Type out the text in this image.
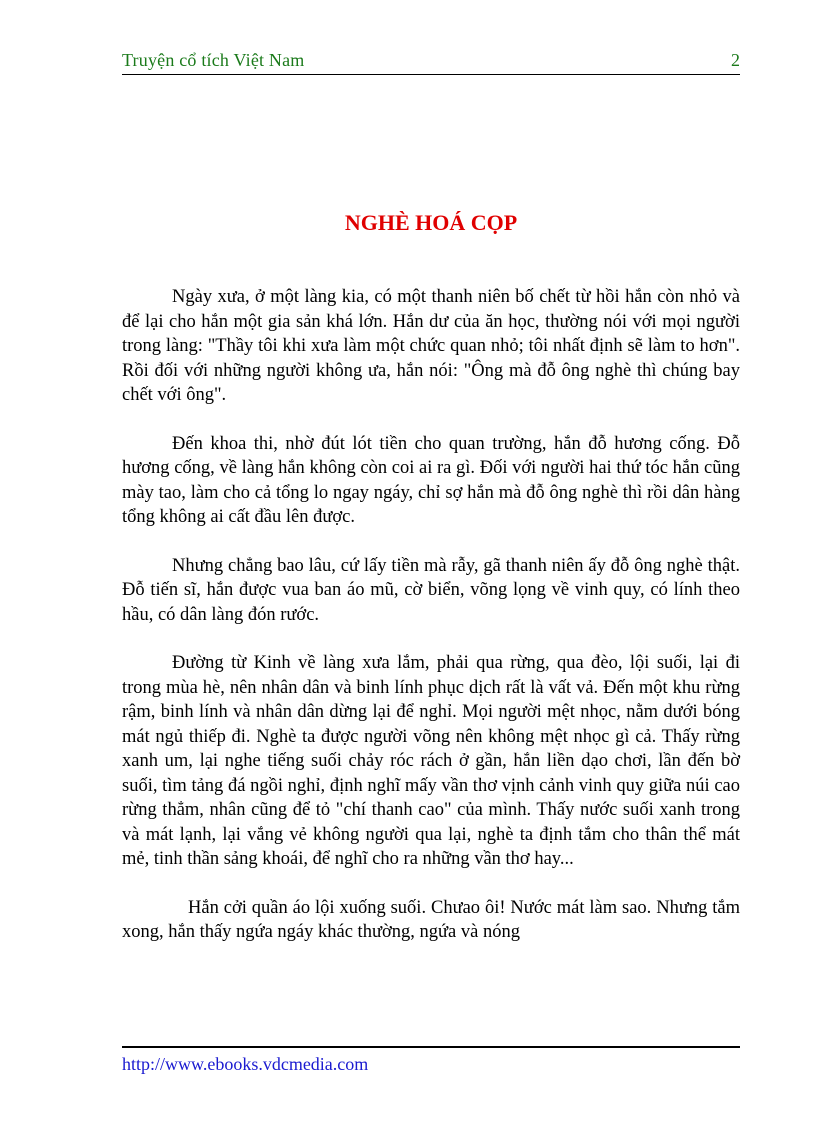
Truyện cổ tích Việt Nam	2
NGHÈ HOÁ CỌP

Ngày xưa, ở một làng kia, có một thanh niên bố chết từ hồi hắn còn nhỏ và để lại cho hắn một gia sản khá lớn. Hắn dư của ăn học, thường nói với mọi người trong làng: "Thầy tôi khi xưa làm một chức quan nhỏ; tôi nhất định sẽ làm to hơn". Rồi đối với những người không ưa, hắn nói: "Ông mà đỗ ông nghè thì chúng bay chết với ông".

Đến khoa thi, nhờ đút lót tiền cho quan trường, hắn đỗ hương cống. Đỗ hương cống, về làng hắn không còn coi ai ra gì. Đối với người hai thứ tóc hắn cũng mày tao, làm cho cả tổng lo ngay ngáy, chỉ sợ hắn mà đỗ ông nghè thì rồi dân hàng tổng không ai cất đầu lên được.

Nhưng chẳng bao lâu, cứ lấy tiền mà rẫy, gã thanh niên ấy đỗ ông nghè thật. Đỗ tiến sĩ, hắn được vua ban áo mũ, cờ biển, võng lọng về vinh quy, có lính theo hầu, có dân làng đón rước.

Đường từ Kinh về làng xưa lắm, phải qua rừng, qua đèo, lội suối, lại đi trong mùa hè, nên nhân dân và binh lính phục dịch rất là vất vả. Đến một khu rừng rậm, binh lính và nhân dân dừng lại để nghỉ. Mọi người mệt nhọc, nằm dưới bóng mát ngủ thiếp đi. Nghè ta được người võng nên không mệt nhọc gì cả. Thấy rừng xanh um, lại nghe tiếng suối chảy róc rách ở gần, hắn liền dạo chơi, lần đến bờ suối, tìm tảng đá ngồi nghỉ, định nghĩ mấy vần thơ vịnh cảnh vinh quy giữa núi cao rừng thẳm, nhân cũng để tỏ "chí thanh cao" của mình. Thấy nước suối xanh trong và mát lạnh, lại vắng vẻ không người qua lại, nghè ta định tắm cho thân thể mát mẻ, tinh thần sảng khoái, để nghĩ cho ra những vần thơ hay...

Hắn cởi quần áo lội xuống suối. Chưao ôi! Nước mát làm sao. Nhưng tắm xong, hắn thấy ngứa ngáy khác thường, ngứa và nóng

http://www.ebooks.vdcmedia.com
